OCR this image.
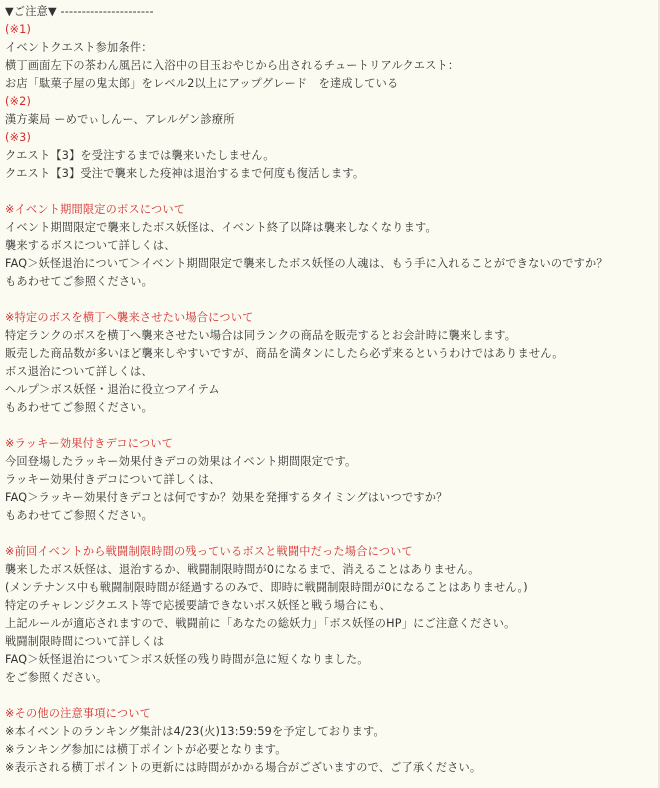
▼ご注意▼ ----------------------
(※1)
イベントクエスト参加条件：
横丁画面左下の茶わん風呂に入浴中の目玉おやじから出されるチュートリアルクエスト：
お店「駄菓子屋の鬼太郎」をレベル2以上にアップグレード　を達成している
(※2)
漢方薬局 ーめでぃしんー、アレルゲン診療所
(※3)
クエスト【3】を受注するまでは襲来いたしません。
クエスト【3】受注で襲来した疫神は退治するまで何度も復活します。
※イベント期間限定のボスについて
イベント期間限定で襲来したボス妖怪は、イベント終了以降は襲来しなくなります。
襲来するボスについて詳しくは、
FAQ＞妖怪退治について＞イベント期間限定で襲来したボス妖怪の人魂は、もう手に入れることができないのですか？
もあわせてご参照ください。
※特定のボスを横丁へ襲来させたい場合について
特定ランクのボスを横丁へ襲来させたい場合は同ランクの商品を販売するとお会計時に襲来します。
販売した商品数が多いほど襲来しやすいですが、商品を満タンにしたら必ず来るというわけではありません。
ボス退治について詳しくは、
ヘルプ＞ボス妖怪・退治に役立つアイテム
もあわせてご参照ください。
※ラッキー効果付きデコについて
今回登場したラッキー効果付きデコの効果はイベント期間限定です。
ラッキー効果付きデコについて詳しくは、
FAQ＞ラッキー効果付きデコとは何ですか？効果を発揮するタイミングはいつですか？
もあわせてご参照ください。
※前回イベントから戦闘制限時間の残っているボスと戦闘中だった場合について
襲来したボス妖怪は、退治するか、戦闘制限時間が0になるまで、消えることはありません。
(メンテナンス中も戦闘制限時間が経過するのみで、即時に戦闘制限時間が0になることはありません。)
特定のチャレンジクエスト等で応援要請できないボス妖怪と戦う場合にも、
上記ルールが適応されますので、戦闘前に「あなたの総妖力」「ボス妖怪のHP」にご注意ください。
戦闘制限時間について詳しくは
FAQ＞妖怪退治について＞ボス妖怪の残り時間が急に短くなりました。
をご参照ください。
※その他の注意事項について
※本イベントのランキング集計は4/23(火)13:59:59を予定しております。
※ランキング参加には横丁ポイントが必要となります。
※表示される横丁ポイントの更新には時間がかかる場合がございますので、ご了承ください。
